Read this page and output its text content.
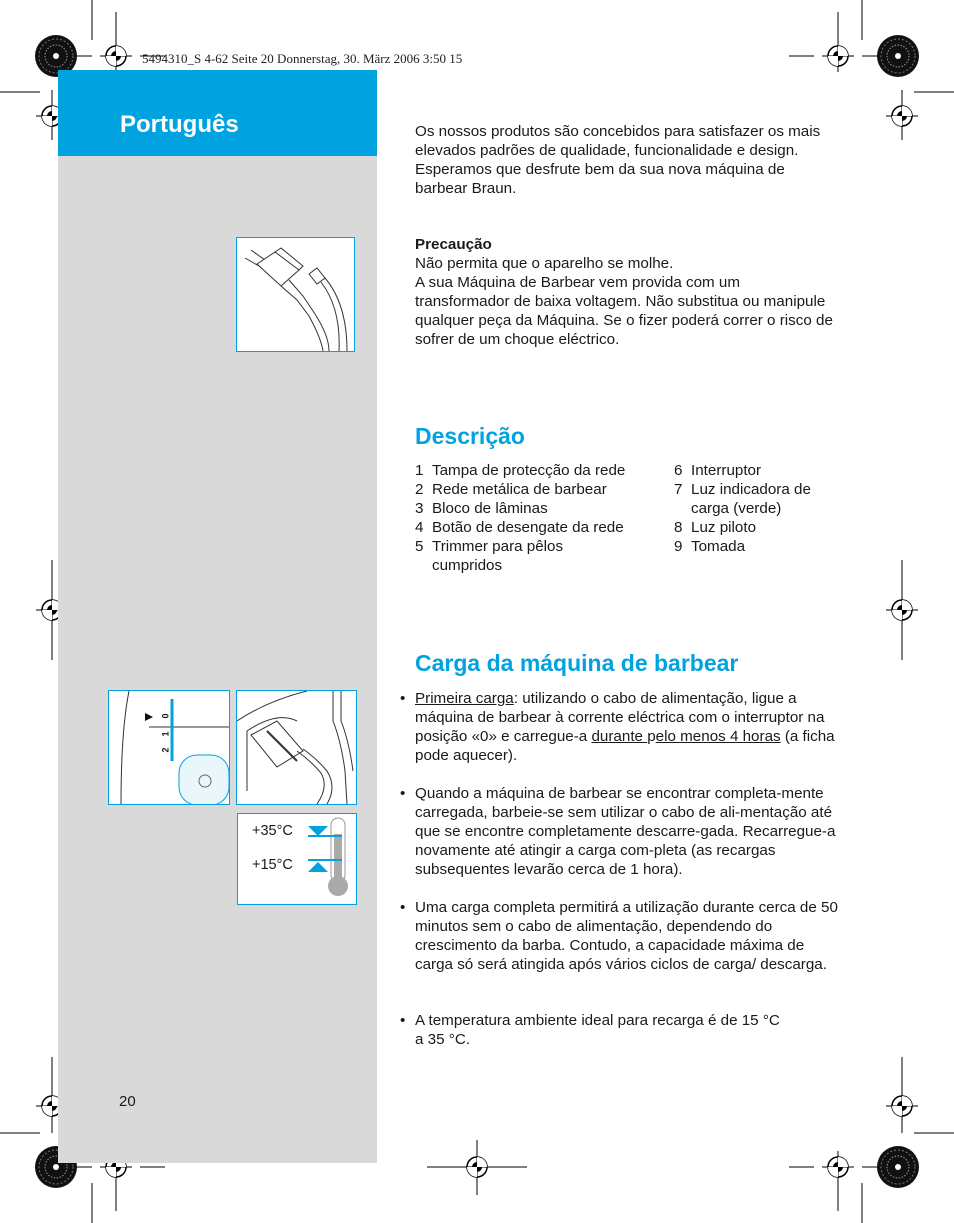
5494310_S 4-62 Seite 20 Donnerstag, 30. März 2006 3:50 15
Português
0
1
2
+35°C
+15°C
Os nossos produtos são concebidos para satisfazer os mais elevados padrões de qualidade, funcionalidade e design. Esperamos que desfrute bem da sua nova máquina de barbear Braun.
Precaução
Não permita que o aparelho se molhe.
A sua Máquina de Barbear vem provida com um transformador de baixa voltagem. Não substitua ou manipule qualquer peça da Máquina. Se o fizer poderá correr o risco de sofrer de um choque eléctrico.
Descrição
1 Tampa de protecção da rede
2 Rede metálica de barbear
3 Bloco de lâminas
4 Botão de desengate da rede
5 Trimmer para pêlos cumpridos
6 Interruptor
7 Luz indicadora de carga (verde)
8 Luz piloto
9 Tomada
Carga da máquina de barbear
• Primeira carga: utilizando o cabo de alimentação, ligue a máquina de barbear à corrente eléctrica com o interruptor na posição «0» e carregue-a durante pelo menos 4 horas (a ficha pode aquecer).
• Quando a máquina de barbear se encontrar completa-mente carregada, barbeie-se sem utilizar o cabo de ali-mentação até que se encontre completamente descarre-gada. Recarregue-a novamente até atingir a carga com-pleta (as recargas subsequentes levarão cerca de 1 hora).
• Uma carga completa permitirá a utilização durante cerca de 50 minutos sem o cabo de alimentação, dependendo do crescimento da barba. Contudo, a capacidade máxima de carga só será atingida após vários ciclos de carga/ descarga.
• A temperatura ambiente ideal para recarga é de 15 °C a 35 °C.
20
